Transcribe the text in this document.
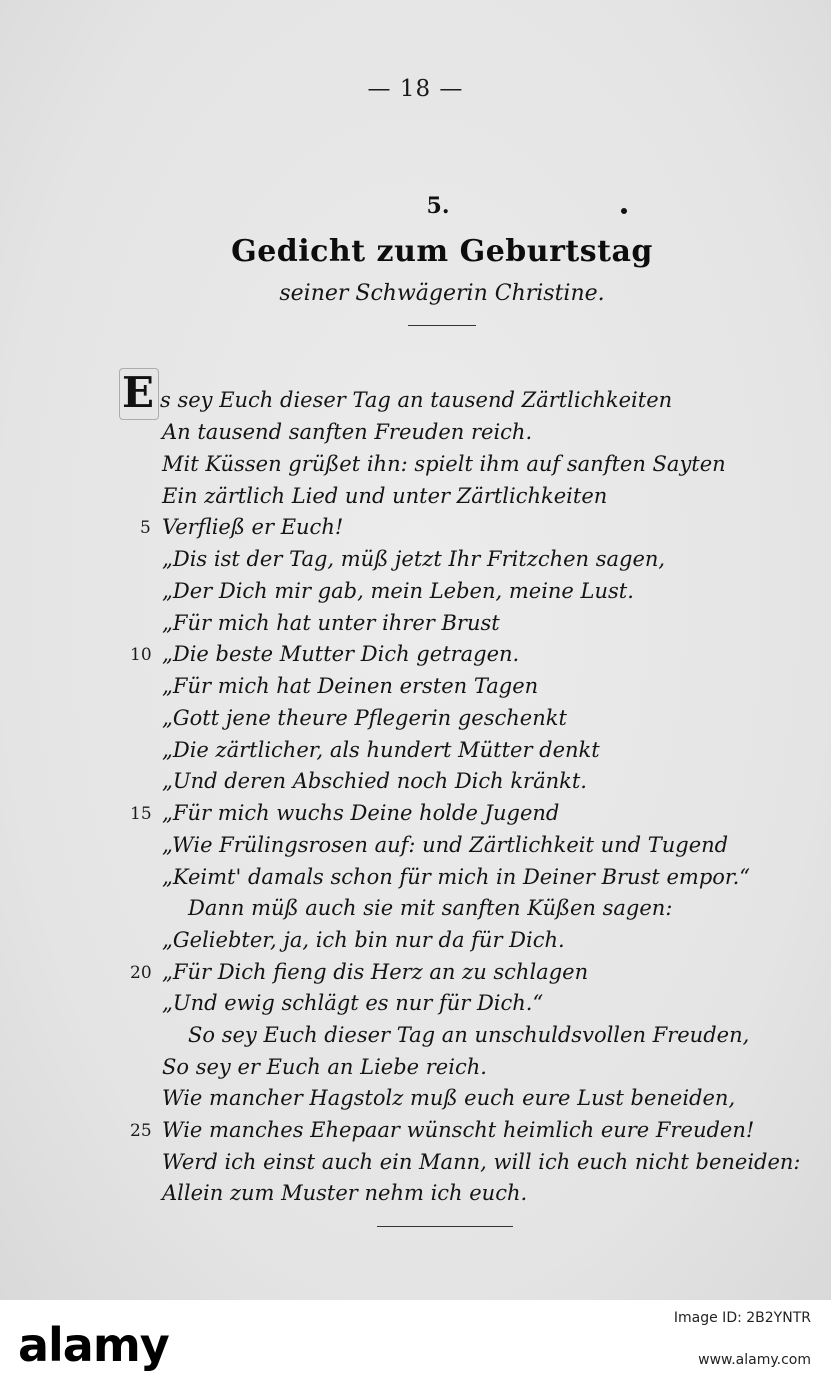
— 18 —
5.
Gedicht zum Geburtstag
seiner Schwägerin Christine.
E s sey Euch dieser Tag an tausend Zärtlichkeiten
An tausend sanften Freuden reich.
Mit Küssen grüßet ihn: spielt ihm auf sanften Sayten
Ein zärtlich Lied und unter Zärtlichkeiten
5 Verfließ er Euch!
„Dis ist der Tag, müß jetzt Ihr Fritzchen sagen,
„Der Dich mir gab, mein Leben, meine Lust.
„Für mich hat unter ihrer Brust
10 „Die beste Mutter Dich getragen.
„Für mich hat Deinen ersten Tagen
„Gott jene theure Pflegerin geschenkt
„Die zärtlicher, als hundert Mütter denkt
„Und deren Abschied noch Dich kränkt.
15 „Für mich wuchs Deine holde Jugend
„Wie Frülingsrosen auf: und Zärtlichkeit und Tugend
„Keimt' damals schon für mich in Deiner Brust empor.“
Dann müß auch sie mit sanften Küßen sagen:
„Geliebter, ja, ich bin nur da für Dich.
20 „Für Dich fieng dis Herz an zu schlagen
„Und ewig schlägt es nur für Dich.“
So sey Euch dieser Tag an unschuldsvollen Freuden,
So sey er Euch an Liebe reich.
Wie mancher Hagstolz muß euch eure Lust beneiden,
25 Wie manches Ehepaar wünscht heimlich eure Freuden!
Werd ich einst auch ein Mann, will ich euch nicht beneiden:
Allein zum Muster nehm ich euch.
alamy	Image ID: 2B2YNTR
www.alamy.com
